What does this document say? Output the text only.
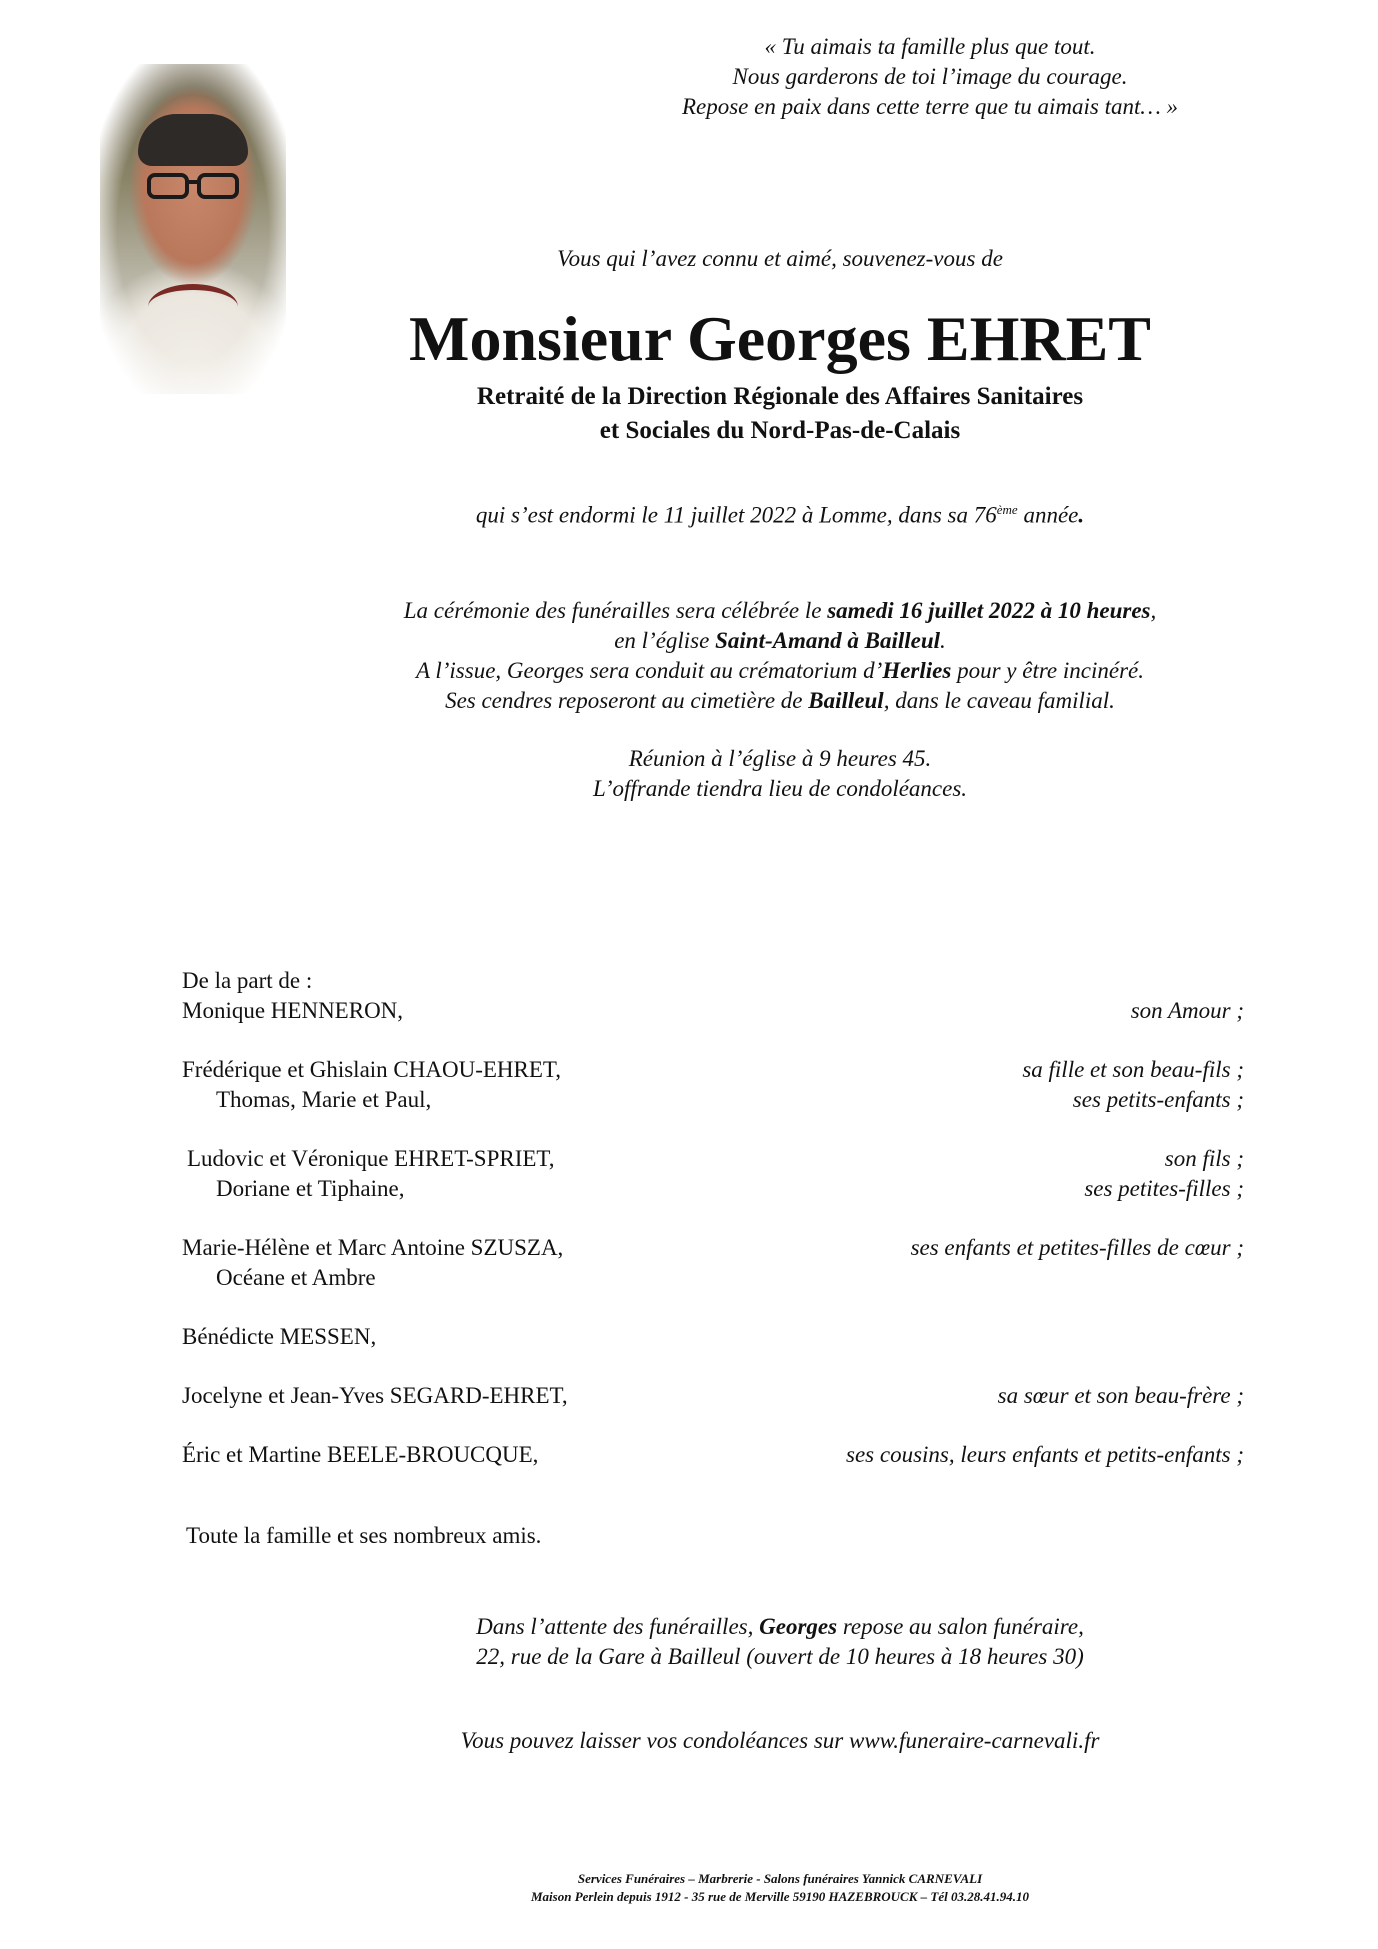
« Tu aimais ta famille plus que tout.
Nous garderons de toi l’image du courage.
Repose en paix dans cette terre que tu aimais tant… »
Vous qui l’avez connu et aimé, souvenez-vous de
Monsieur Georges EHRET
Retraité de la Direction Régionale des Affaires Sanitaires
et Sociales du Nord-Pas-de-Calais
qui s’est endormi le 11 juillet 2022 à Lomme, dans sa 76ème année.
La cérémonie des funérailles sera célébrée le samedi 16 juillet 2022 à 10 heures,
en l’église Saint-Amand à Bailleul.
A l’issue, Georges sera conduit au crématorium d’Herlies pour y être incinéré.
Ses cendres reposeront au cimetière de Bailleul, dans le caveau familial.
Réunion à l’église à 9 heures 45.
L’offrande tiendra lieu de condoléances.
De la part de :
Monique HENNERON,	son Amour ;
Frédérique et Ghislain CHAOU-EHRET,	sa fille et son beau-fils ;
Thomas, Marie et Paul,	ses petits-enfants ;
Ludovic et Véronique EHRET-SPRIET,	son fils ;
Doriane et Tiphaine,	ses petites-filles ;
Marie-Hélène et Marc Antoine SZUSZA,	ses enfants et petites-filles de cœur ;
Océane et Ambre
Bénédicte MESSEN,
Jocelyne et Jean-Yves SEGARD-EHRET,	sa sœur et son beau-frère ;
Éric et Martine BEELE-BROUCQUE,	ses cousins, leurs enfants et petits-enfants ;
Toute la famille et ses nombreux amis.
Dans l’attente des funérailles, Georges repose au salon funéraire,
22, rue de la Gare à Bailleul (ouvert de 10 heures à 18 heures 30)
Vous pouvez laisser vos condoléances sur www.funeraire-carnevali.fr
Services Funéraires – Marbrerie - Salons funéraires Yannick CARNEVALI
Maison Perlein depuis 1912 - 35 rue de Merville 59190 HAZEBROUCK – Tél 03.28.41.94.10
